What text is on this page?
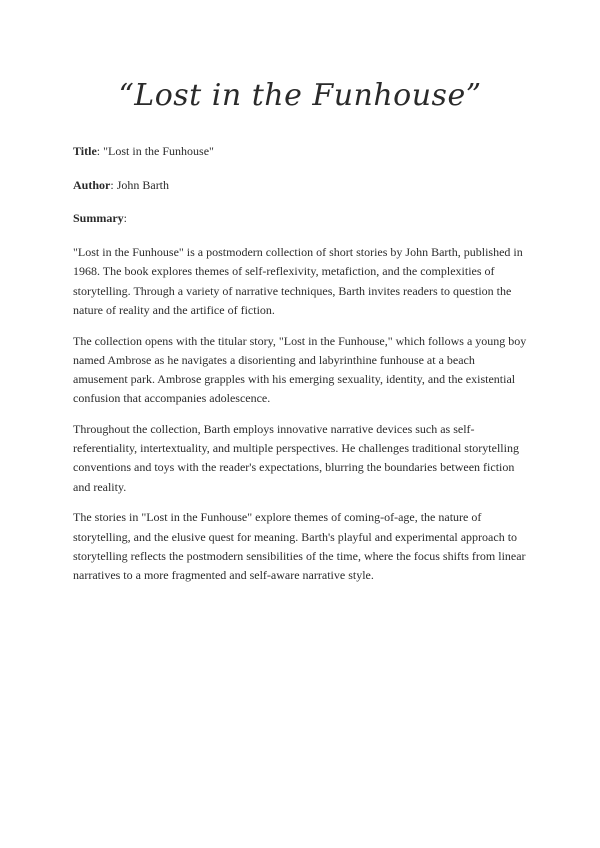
“Lost in the Funhouse”

Title: "Lost in the Funhouse"

Author: John Barth

Summary:

"Lost in the Funhouse" is a postmodern collection of short stories by John Barth, published in 1968. The book explores themes of self-reflexivity, metafiction, and the complexities of storytelling. Through a variety of narrative techniques, Barth invites readers to question the nature of reality and the artifice of fiction.

The collection opens with the titular story, "Lost in the Funhouse," which follows a young boy named Ambrose as he navigates a disorienting and labyrinthine funhouse at a beach amusement park. Ambrose grapples with his emerging sexuality, identity, and the existential confusion that accompanies adolescence.

Throughout the collection, Barth employs innovative narrative devices such as self-referentiality, intertextuality, and multiple perspectives. He challenges traditional storytelling conventions and toys with the reader's expectations, blurring the boundaries between fiction and reality.

The stories in "Lost in the Funhouse" explore themes of coming-of-age, the nature of storytelling, and the elusive quest for meaning. Barth's playful and experimental approach to storytelling reflects the postmodern sensibilities of the time, where the focus shifts from linear narratives to a more fragmented and self-aware narrative style.
